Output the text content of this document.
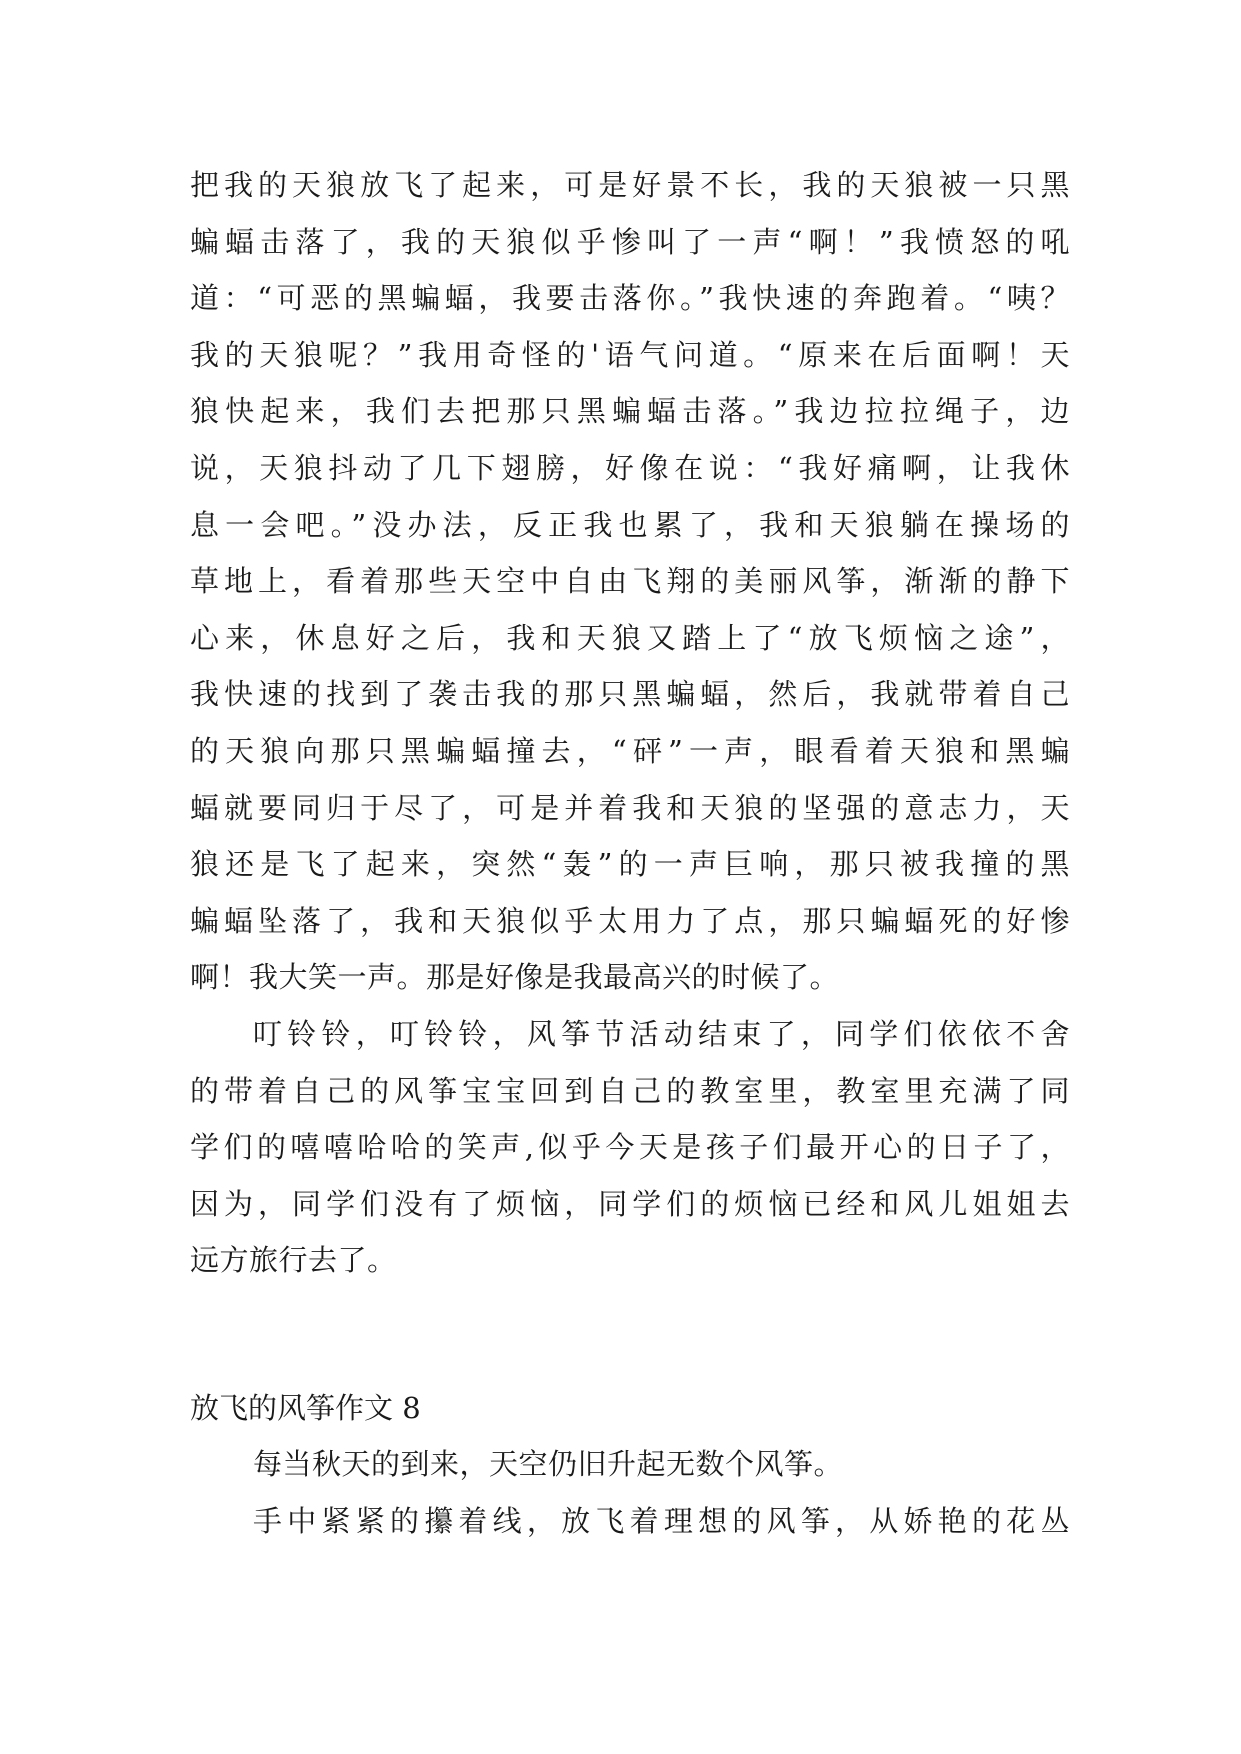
把我的天狼放飞了起来，可是好景不长，我的天狼被一只黑
蝙蝠击落了，我的天狼似乎惨叫了一声“啊！”我愤怒的吼
道：“可恶的黑蝙蝠，我要击落你。”我快速的奔跑着。“咦？
我的天狼呢？”我用奇怪的'语气问道。“原来在后面啊！天
狼快起来，我们去把那只黑蝙蝠击落。”我边拉拉绳子，边
说，天狼抖动了几下翅膀，好像在说：“我好痛啊，让我休
息一会吧。”没办法，反正我也累了，我和天狼躺在操场的
草地上，看着那些天空中自由飞翔的美丽风筝，渐渐的静下
心来，休息好之后，我和天狼又踏上了“放飞烦恼之途”，
我快速的找到了袭击我的那只黑蝙蝠，然后，我就带着自己
的天狼向那只黑蝙蝠撞去，“砰”一声，眼看着天狼和黑蝙
蝠就要同归于尽了，可是并着我和天狼的坚强的意志力，天
狼还是飞了起来，突然“轰”的一声巨响，那只被我撞的黑
蝙蝠坠落了，我和天狼似乎太用力了点，那只蝙蝠死的好惨
啊！我大笑一声。那是好像是我最高兴的时候了。
叮铃铃，叮铃铃，风筝节活动结束了，同学们依依不舍
的带着自己的风筝宝宝回到自己的教室里，教室里充满了同
学们的嘻嘻哈哈的笑声,似乎今天是孩子们最开心的日子了，
因为，同学们没有了烦恼，同学们的烦恼已经和风儿姐姐去
远方旅行去了。
放飞的风筝作文 8
每当秋天的到来，天空仍旧升起无数个风筝。
手中紧紧的攥着线，放飞着理想的风筝，从娇艳的花丛
